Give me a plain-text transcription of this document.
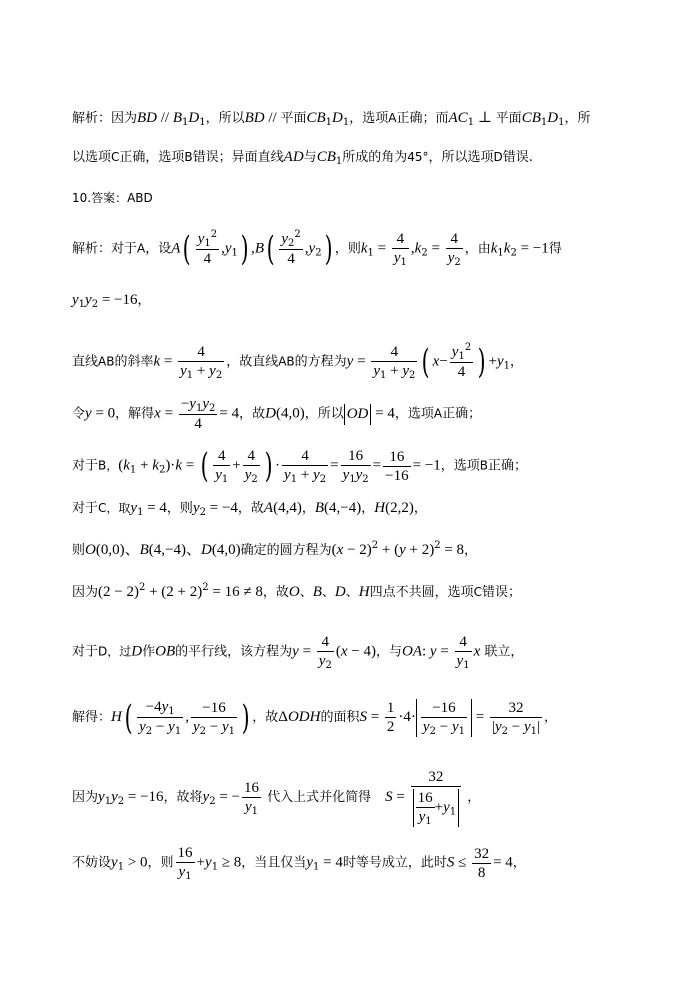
解析：因为BD // $B_1D_1$，所以BD // 平面$CB_1D_1$，选项A正确；而$AC_1$ ⊥ 平面$CB_1D_1$，所
以选项C正确，选项B错误；异面直线AD与$CB_1$所成的角为45°，所以选项D错误.
10.答案：ABD
解析：对于A，设$A( \frac{y_1^2}{4} ,y_1)$ $,B( \frac{y_2^2}{4} ,y_2)$ ，则$k_1 = \frac{4}{y_1} ,k_2 = \frac{4}{y_2}$ ，由$k_1k_2 = -1$得
$y_1y_2 = -16$，
直线AB的斜率$k = \frac{4}{y_1 + y_2}$ ，故直线AB的方程为$y = \frac{4}{y_1 + y_2}$ ( $x- \frac{y_1^2}{4}$ ) $+y_1$，
令y = 0，解得$x = \frac{-y_1y_2}{4} = 4$，故D(4,0)，所以 OD = 4，选项A正确；
对于B，$(k_1 + k_2)\cdot k$ = ( $\frac{4}{y_1} + \frac{4}{y_2}$ ) · $\frac{4}{y_1 + y_2} = \frac{16}{y_1y_2} = \frac{16}{-16} = -1$，选项B正确；
对于C，取$y_1 = 4$，则$y_2 = -4$，故A(4,4)，B(4,−4)，H(2,2)，
则O(0,0)、B(4,−4)、D(4,0)确定的圆方程为$(x - 2)^2 + (y + 2)^2 = 8$，
因为$(2 - 2)^2 + (2 + 2)^2 = 16 \ne 8$，故O、B、D、H四点不共圆，选项C错误；
对于D，过D作OB的平行线，该方程为$y = \frac{4}{y_2} (x - 4)$，与OA: $y = \frac{4}{y_1}$ x 联立，
解得：$H( \frac{-4y_1}{y_2 - y_1}$ , $\frac{-16}{y_2 - y_1}$ ) ，故ΔODH的面积$S = \frac{1}{2} \cdot 4\cdot \frac{-16}{y_2 - y_1} = \frac{32}{|y_2 - y_1|}$ ，
因为$y_1y_2 = -16$，故将$y_2$ = − $\frac{16}{y_1}$ 代入上式并化简得 $S = \frac{32}{\frac{16}{y_1} +y_1}$ ，
不妨设$y_1 > 0$，则 $\frac{16}{y_1} +y_1 \ge 8$，当且仅当$y_1 = 4$时等号成立，此时$S \le \frac{32}{8} = 4$，
